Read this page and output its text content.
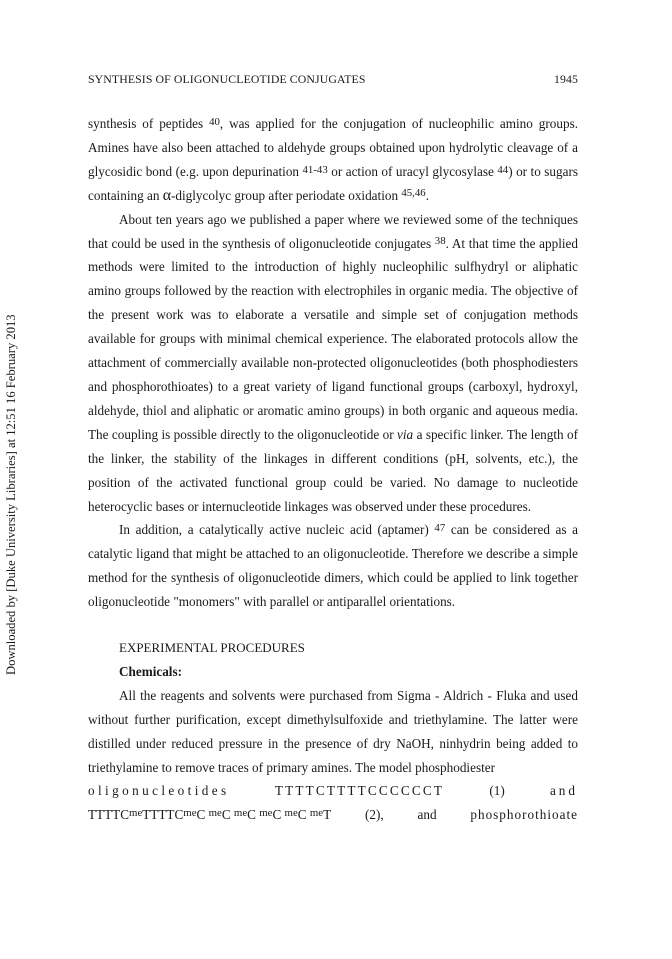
SYNTHESIS OF OLIGONUCLEOTIDE CONJUGATES	1945
Downloaded by [Duke University Libraries] at 12:51 16 February 2013

synthesis of peptides $^{40}$, was applied for the conjugation of nucleophilic amino groups. Amines have also been attached to aldehyde groups obtained upon hydrolytic cleavage of a glycosidic bond (e.g. upon depurination $^{41-43}$ or action of uracyl glycosylase $^{44}$) or to sugars containing an α-diglycolyc group after periodate oxidation $^{45,46}$.

About ten years ago we published a paper where we reviewed some of the techniques that could be used in the synthesis of oligonucleotide conjugates $^{38}$. At that time the applied methods were limited to the introduction of highly nucleophilic sulfhydryl or aliphatic amino groups followed by the reaction with electrophiles in organic media. The objective of the present work was to elaborate a versatile and simple set of conjugation methods available for groups with minimal chemical experience. The elaborated protocols allow the attachment of commercially available non-protected oligonucleotides (both phosphodiesters and phosphorothioates) to a great variety of ligand functional groups (carboxyl, hydroxyl, aldehyde, thiol and aliphatic or aromatic amino groups) in both organic and aqueous media. The coupling is possible directly to the oligonucleotide or via a specific linker. The length of the linker, the stability of the linkages in different conditions (pH, solvents, etc.), the position of the activated functional group could be varied. No damage to nucleotide heterocyclic bases or internucleotide linkages was observed under these procedures.

In addition, a catalytically active nucleic acid (aptamer) $^{47}$ can be considered as a catalytic ligand that might be attached to an oligonucleotide. Therefore we describe a simple method for the synthesis of oligonucleotide dimers, which could be applied to link together oligonucleotide "monomers" with parallel or antiparallel orientations.

EXPERIMENTAL PROCEDURES

Chemicals:

All the reagents and solvents were purchased from Sigma - Aldrich - Fluka and used without further purification, except dimethylsulfoxide and triethylamine. The latter were distilled under reduced pressure in the presence of dry NaOH, ninhydrin being added to triethylamine to remove traces of primary amines. The model phosphodiester

oligonucleotides	TTTTCTTTTCCCCCCT	(1)	and
$TTTTC^{me}TTTTC^{me}C$ $^{me}$C $^{me}$C $^{me}$C $^{me}$C $^{me}$T	(2),	and	phosphorothioate
